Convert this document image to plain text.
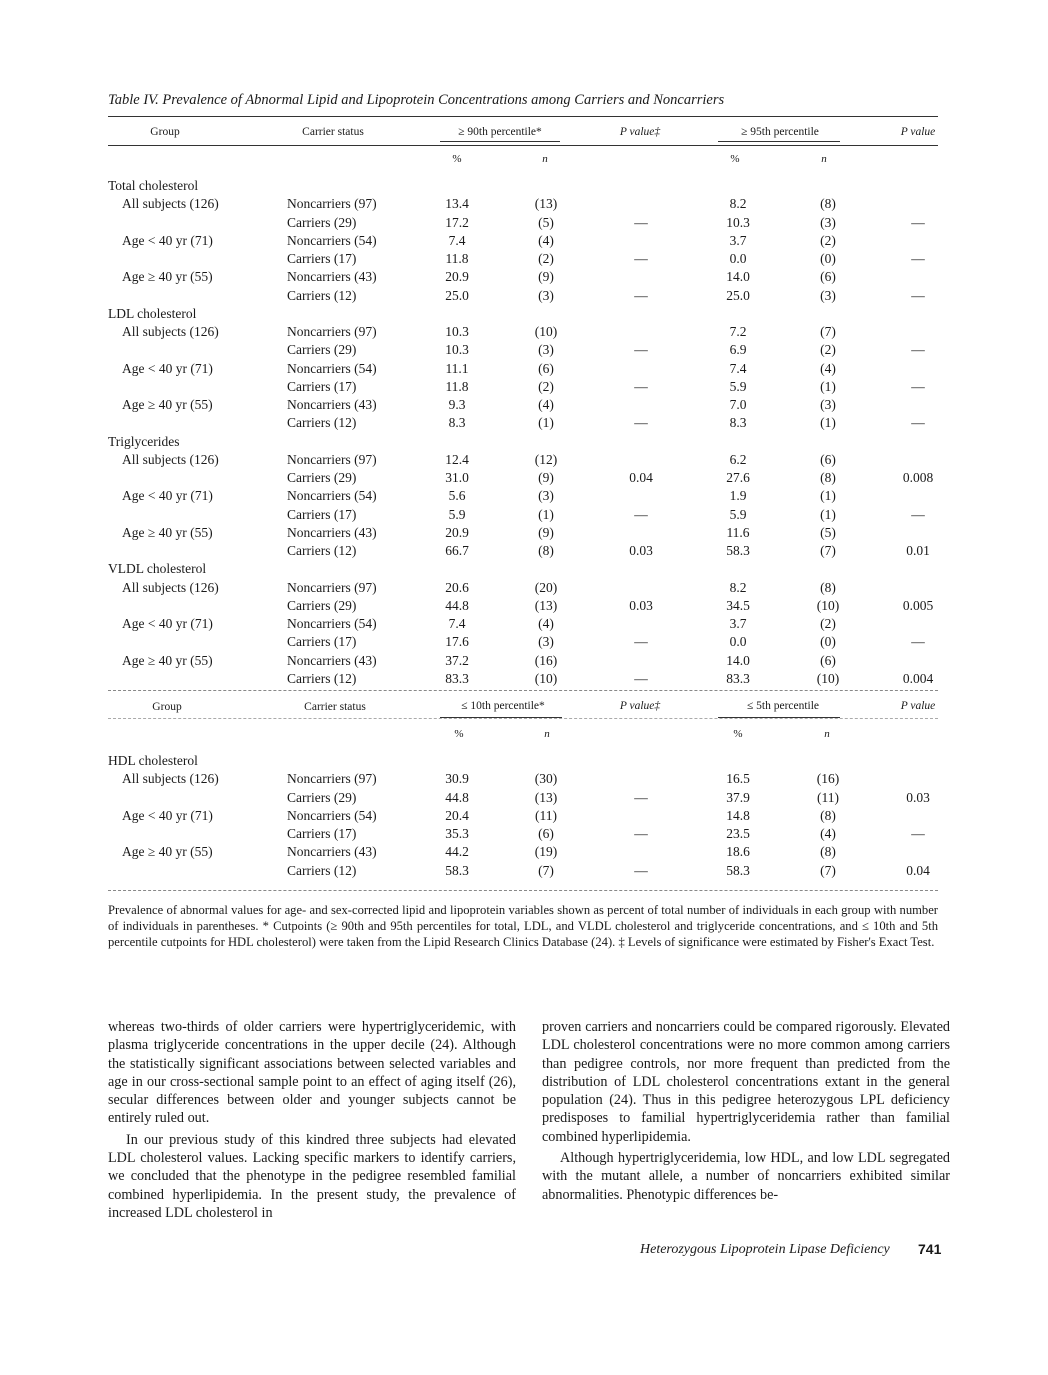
Table IV. Prevalence of Abnormal Lipid and Lipoprotein Concentrations among Carriers and Noncarriers
Group	Carrier status	≥ 90th percentile*	P value‡	≥ 95th percentile	P value
%	n	%	n
Total cholesterol
All subjects (126)	Noncarriers (97)	13.4	(13)	8.2	(8)
Carriers (29)	17.2	(5)	—	10.3	(3)	—
Age < 40 yr (71)	Noncarriers (54)	7.4	(4)	3.7	(2)
Carriers (17)	11.8	(2)	—	0.0	(0)	—
Age ≥ 40 yr (55)	Noncarriers (43)	20.9	(9)	14.0	(6)
Carriers (12)	25.0	(3)	—	25.0	(3)	—
LDL cholesterol
All subjects (126)	Noncarriers (97)	10.3	(10)	7.2	(7)
Carriers (29)	10.3	(3)	—	6.9	(2)	—
Age < 40 yr (71)	Noncarriers (54)	11.1	(6)	7.4	(4)
Carriers (17)	11.8	(2)	—	5.9	(1)	—
Age ≥ 40 yr (55)	Noncarriers (43)	9.3	(4)	7.0	(3)
Carriers (12)	8.3	(1)	—	8.3	(1)	—
Triglycerides
All subjects (126)	Noncarriers (97)	12.4	(12)	6.2	(6)
Carriers (29)	31.0	(9)	0.04	27.6	(8)	0.008
Age < 40 yr (71)	Noncarriers (54)	5.6	(3)	1.9	(1)
Carriers (17)	5.9	(1)	—	5.9	(1)	—
Age ≥ 40 yr (55)	Noncarriers (43)	20.9	(9)	11.6	(5)
Carriers (12)	66.7	(8)	0.03	58.3	(7)	0.01
VLDL cholesterol
All subjects (126)	Noncarriers (97)	20.6	(20)	8.2	(8)
Carriers (29)	44.8	(13)	0.03	34.5	(10)	0.005
Age < 40 yr (71)	Noncarriers (54)	7.4	(4)	3.7	(2)
Carriers (17)	17.6	(3)	—	0.0	(0)	—
Age ≥ 40 yr (55)	Noncarriers (43)	37.2	(16)	14.0	(6)
Carriers (12)	83.3	(10)	—	83.3	(10)	0.004
Group	Carrier status	≤ 10th percentile*	P value‡	≤ 5th percentile	P value
%	n	%	n
HDL cholesterol
All subjects (126)	Noncarriers (97)	30.9	(30)	16.5	(16)
Carriers (29)	44.8	(13)	—	37.9	(11)	0.03
Age < 40 yr (71)	Noncarriers (54)	20.4	(11)	14.8	(8)
Carriers (17)	35.3	(6)	—	23.5	(4)	—
Age ≥ 40 yr (55)	Noncarriers (43)	44.2	(19)	18.6	(8)
Carriers (12)	58.3	(7)	—	58.3	(7)	0.04
Prevalence of abnormal values for age- and sex-corrected lipid and lipoprotein variables shown as percent of total number of individuals in each group with number of individuals in parentheses. * Cutpoints (≥ 90th and 95th percentiles for total, LDL, and VLDL cholesterol and triglyceride concentrations, and ≤ 10th and 5th percentile cutpoints for HDL cholesterol) were taken from the Lipid Research Clinics Database (24). ‡ Levels of significance were estimated by Fisher's Exact Test.

whereas two-thirds of older carriers were hypertriglyceridemic, with plasma triglyceride concentrations in the upper decile (24). Although the statistically significant associations between selected variables and age in our cross-sectional sample point to an effect of aging itself (26), secular differences between older and younger subjects cannot be entirely ruled out.

In our previous study of this kindred three subjects had elevated LDL cholesterol values. Lacking specific markers to identify carriers, we concluded that the phenotype in the pedigree resembled familial combined hyperlipidemia. In the present study, the prevalence of increased LDL cholesterol in

proven carriers and noncarriers could be compared rigorously. Elevated LDL cholesterol concentrations were no more common among carriers than pedigree controls, nor more frequent than predicted from the distribution of LDL cholesterol concentrations extant in the general population (24). Thus in this pedigree heterozygous LPL deficiency predisposes to familial hypertriglyceridemia rather than familial combined hyperlipidemia.

Although hypertriglyceridemia, low HDL, and low LDL segregated with the mutant allele, a number of noncarriers exhibited similar abnormalities. Phenotypic differences be-

Heterozygous Lipoprotein Lipase Deficiency 741
